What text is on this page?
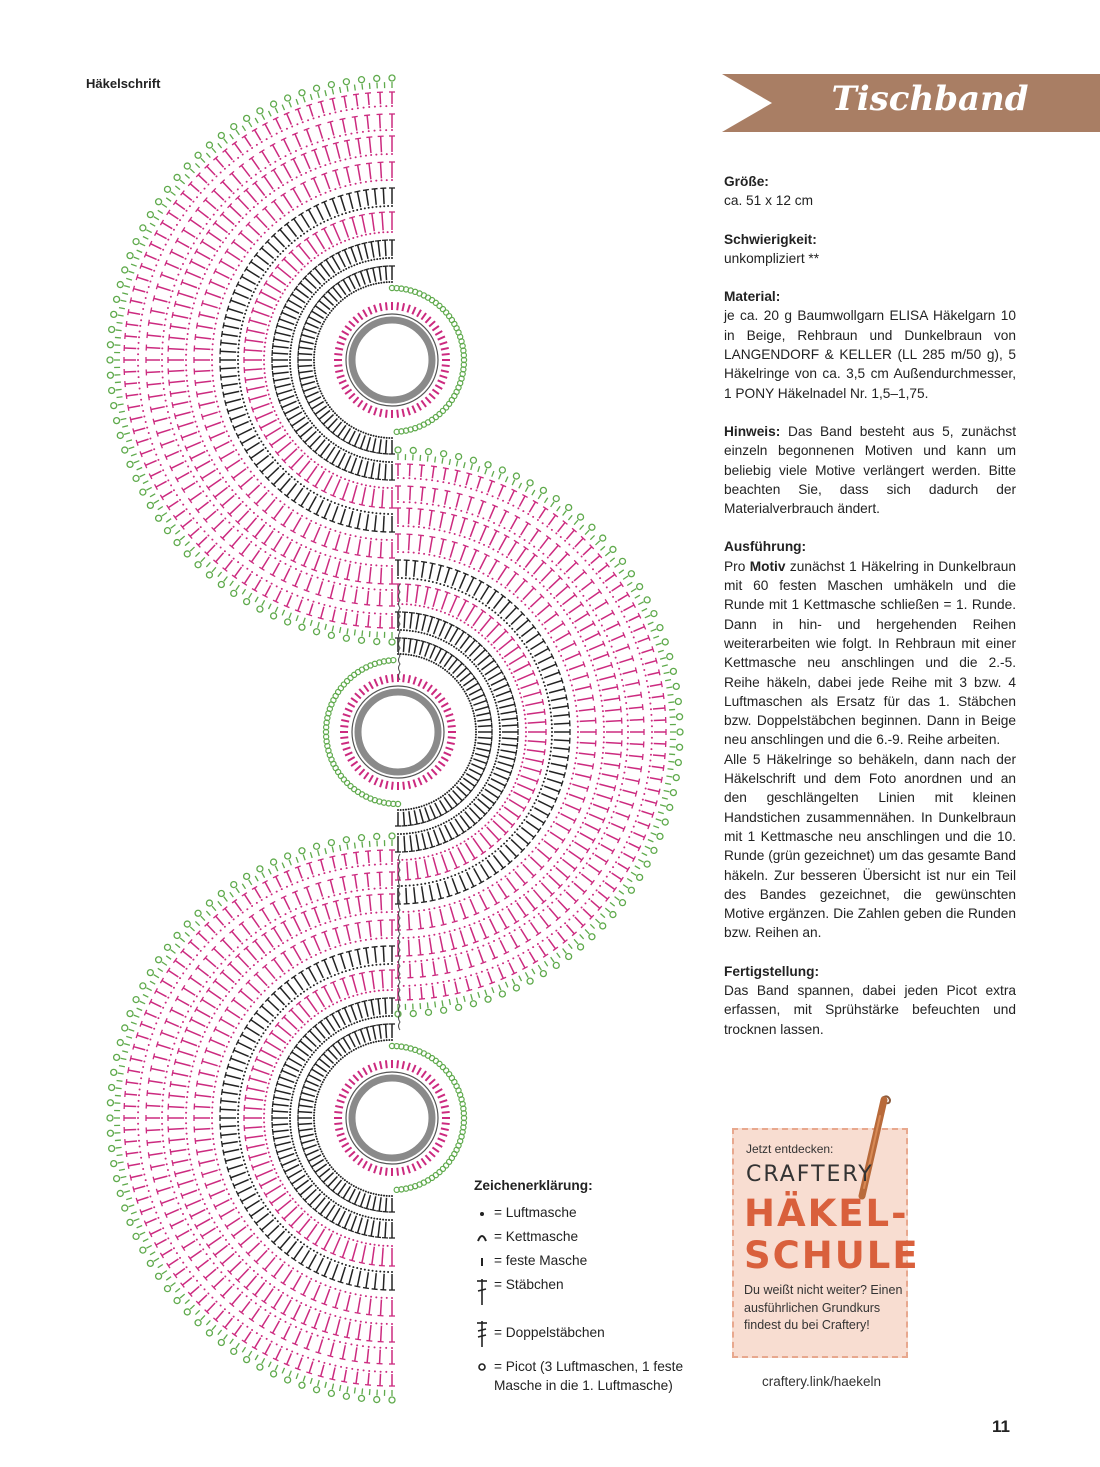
Häkelschrift	Tischband
Größe:
ca. 51 x 12 cm
Schwierigkeit:
unkompliziert **
Material:
je ca. 20 g Baumwollgarn ELISA Häkelgarn 10 in Beige, Rehbraun und Dunkelbraun von LANGENDORF & KELLER (LL 285 m/50 g), 5 Häkelringe von ca. 3,5 cm Außendurchmesser, 1 PONY Häkelnadel Nr. 1,5–1,75.
Hinweis: Das Band besteht aus 5, zunächst einzeln begonnenen Motiven und kann um beliebig viele Motive verlängert werden. Bitte beachten Sie, dass sich dadurch der Materialverbrauch ändert.
Ausführung:
Pro Motiv zunächst 1 Häkelring in Dunkelbraun mit 60 festen Maschen umhäkeln und die Runde mit 1 Kettmasche schließen = 1. Runde. Dann in hin- und hergehenden Reihen weiterarbeiten wie folgt. In Rehbraun mit einer Kettmasche neu anschlingen und die 2.-5. Reihe häkeln, dabei jede Reihe mit 3 bzw. 4 Luftmaschen als Ersatz für das 1. Stäbchen bzw. Doppelstäbchen beginnen. Dann in Beige neu anschlingen und die 6.-9. Reihe arbeiten.
Alle 5 Häkelringe so behäkeln, dann nach der Häkelschrift und dem Foto anordnen und an den geschlängelten Linien mit kleinen Handstichen zusammennähen. In Dunkelbraun mit 1 Kettmasche neu anschlingen und die 10. Runde (grün gezeichnet) um das gesamte Band häkeln. Zur besseren Übersicht ist nur ein Teil des Bandes gezeichnet, die gewünschten Motive ergänzen. Die Zahlen geben die Runden bzw. Reihen an.
Fertigstellung:
Das Band spannen, dabei jeden Picot extra erfassen, mit Sprühstärke befeuchten und trocknen lassen.
Zeichenerklärung:
= Luftmasche
= Kettmasche
= feste Masche
= Stäbchen
= Doppelstäbchen
= Picot (3 Luftmaschen, 1 feste Masche in die 1. Luftmasche)
Jetzt entdecken:
CRAFTERY
HÄKEL-
SCHULE
Du weißt nicht weiter? Einen ausführlichen Grundkurs findest du bei Craftery!
craftery.link/haekeln
11
